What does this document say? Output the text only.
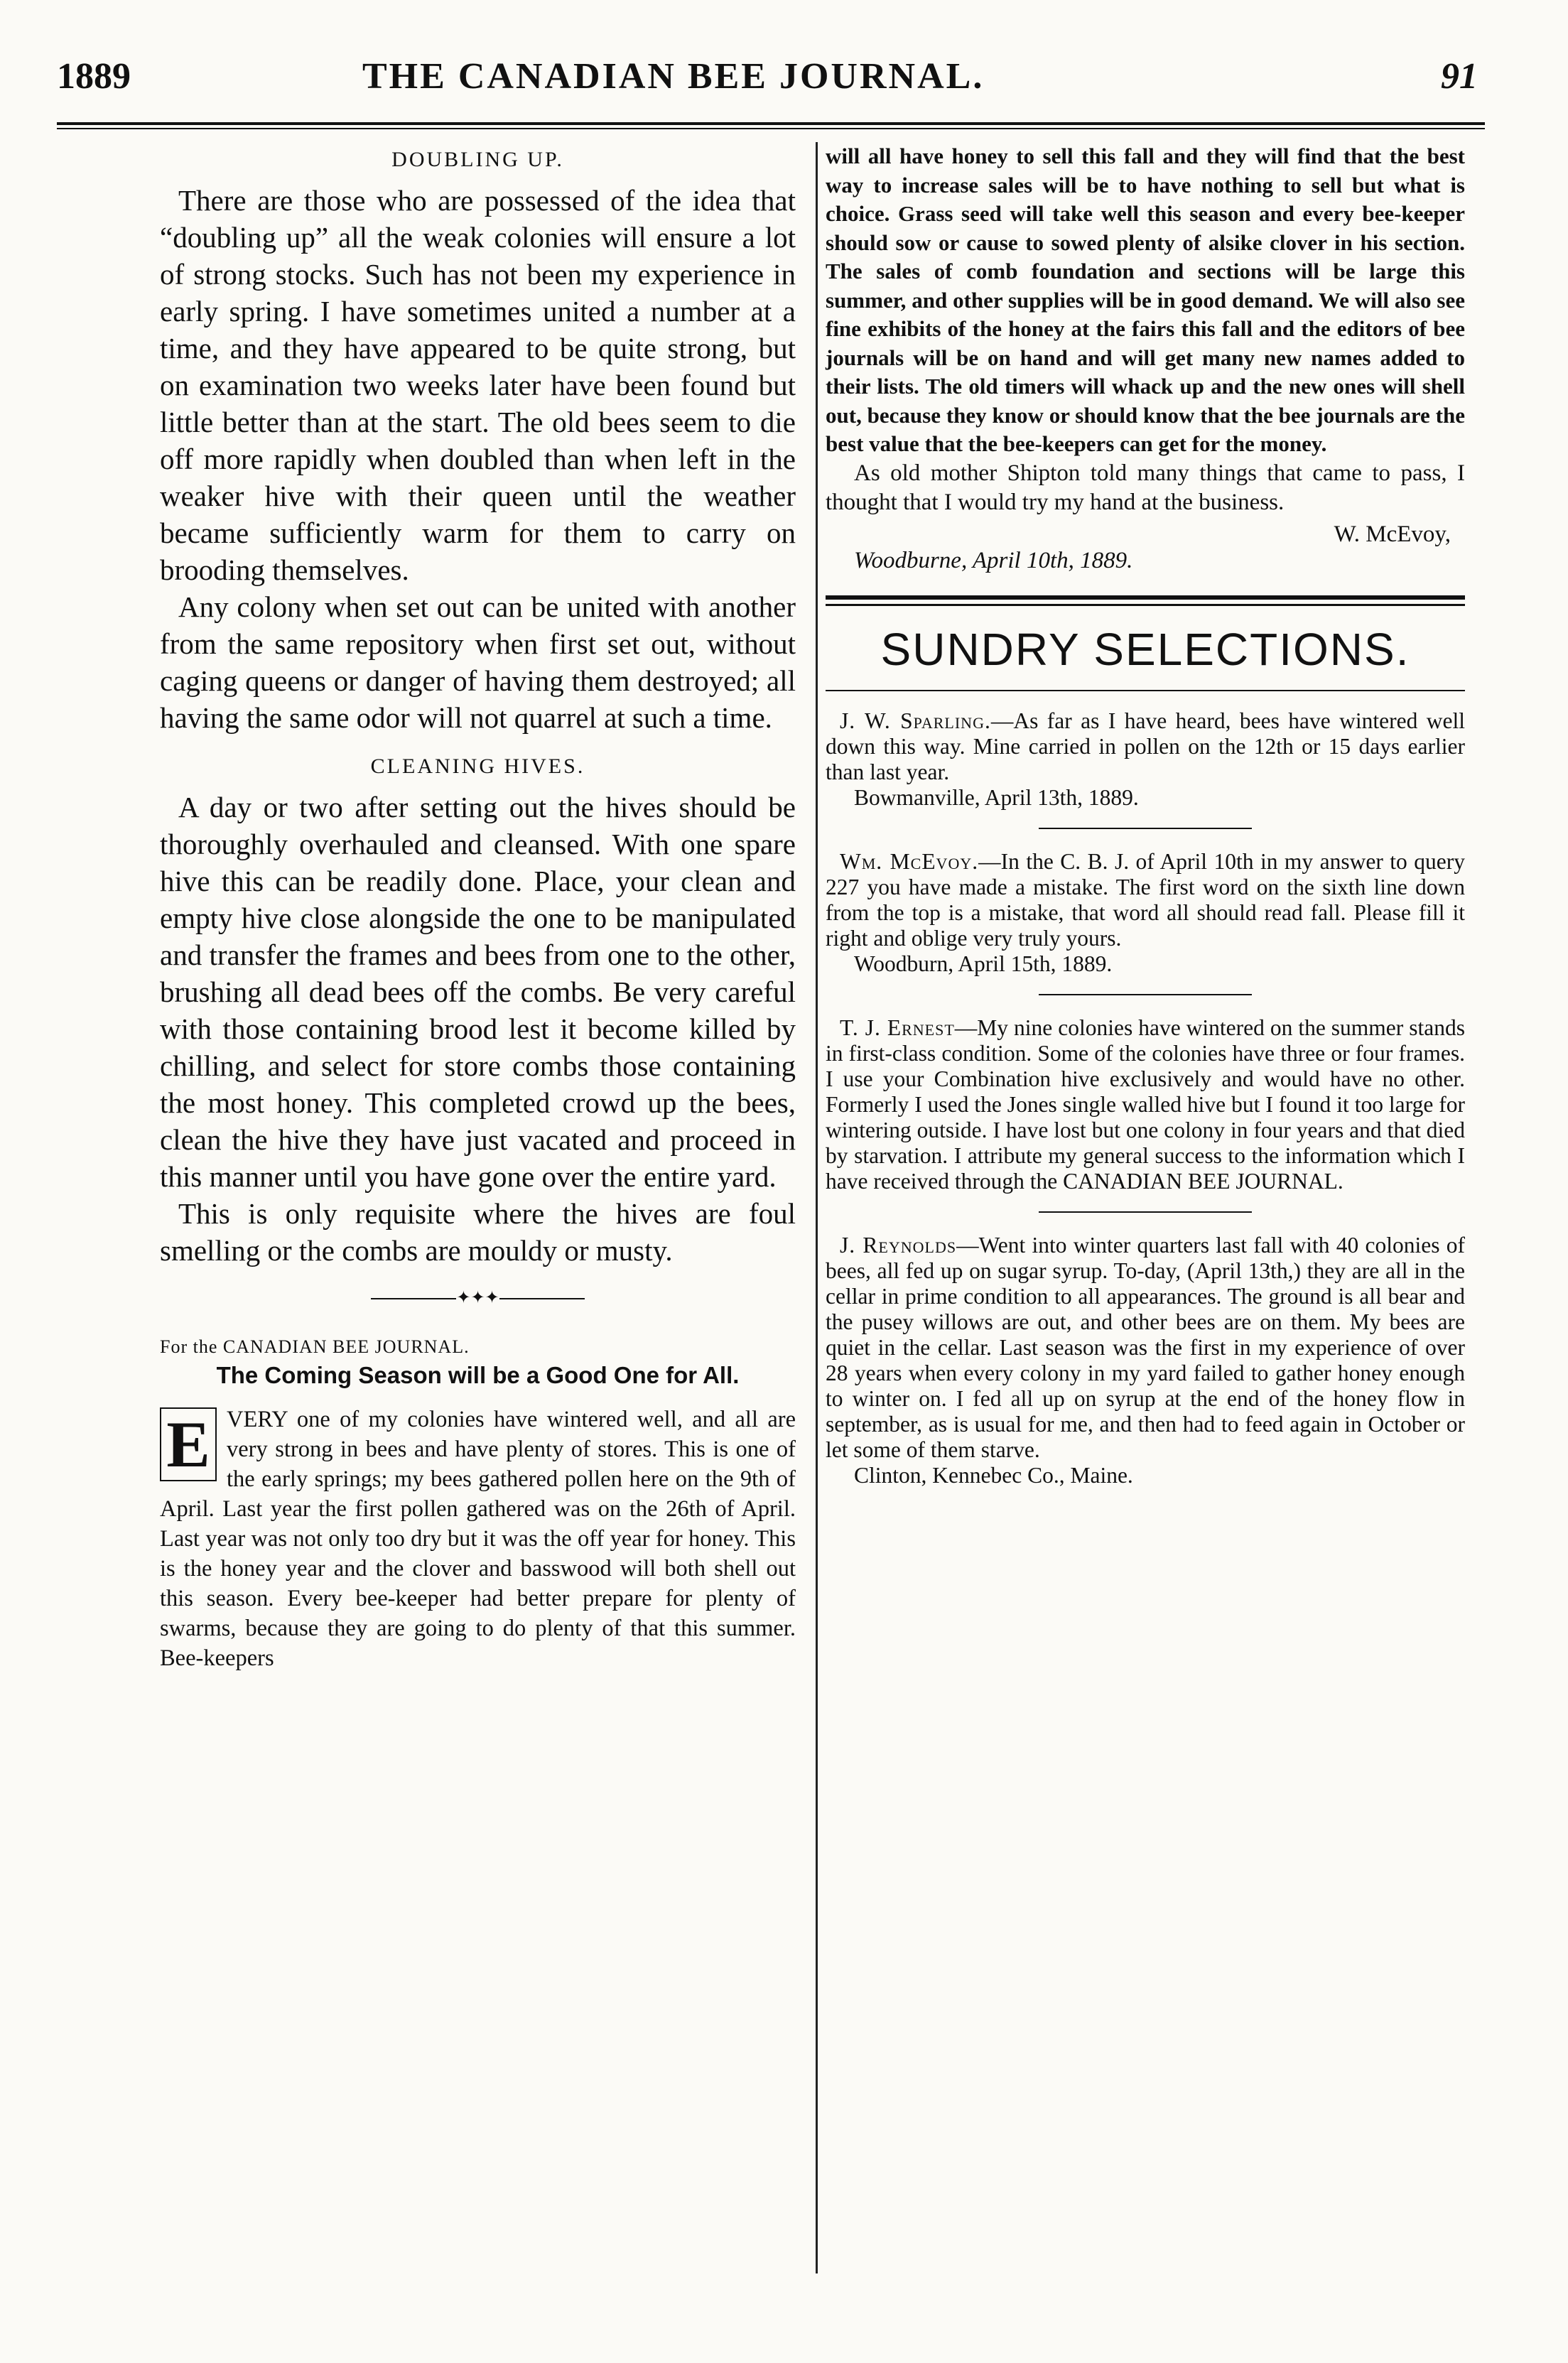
1889	THE CANADIAN BEE JOURNAL.	91
DOUBLING UP.

There are those who are possessed of the idea that “doubling up” all the weak colonies will ensure a lot of strong stocks. Such has not been my experience in early spring. I have sometimes united a number at a time, and they have appeared to be quite strong, but on examination two weeks later have been found but little better than at the start. The old bees seem to die off more rapidly when doubled than when left in the weaker hive with their queen until the weather became sufficiently warm for them to carry on brooding themselves.

Any colony when set out can be united with another from the same repository when first set out, without caging queens or danger of having them destroyed; all having the same odor will not quarrel at such a time.

CLEANING HIVES.

A day or two after setting out the hives should be thoroughly overhauled and cleansed. With one spare hive this can be readily done. Place, your clean and empty hive close alongside the one to be manipulated and transfer the frames and bees from one to the other, brushing all dead bees off the combs. Be very careful with those containing brood lest it become killed by chilling, and select for store combs those containing the most honey. This completed crowd up the bees, clean the hive they have just vacated and proceed in this manner until you have gone over the entire yard.

This is only requisite where the hives are foul smelling or the combs are mouldy or musty.

✦✦✦
For the CANADIAN BEE JOURNAL.
The Coming Season will be a Good One for All.
E VERY one of my colonies have wintered well, and all are very strong in bees and have plenty of stores. This is one of the early springs; my bees gathered pollen here on the 9th of April. Last year the first pollen gathered was on the 26th of April. Last year was not only too dry but it was the off year for honey. This is the honey year and the clover and basswood will both shell out this season. Every bee-keeper had better prepare for plenty of swarms, because they are going to do plenty of that this summer. Bee-keepers

will all have honey to sell this fall and they will find that the best way to increase sales will be to have nothing to sell but what is choice. Grass seed will take well this season and every bee-keeper should sow or cause to sowed plenty of alsike clover in his section. The sales of comb foundation and sections will be large this summer, and other supplies will be in good demand. We will also see fine exhibits of the honey at the fairs this fall and the editors of bee journals will be on hand and will get many new names added to their lists. The old timers will whack up and the new ones will shell out, because they know or should know that the bee journals are the best value that the bee-keepers can get for the money.

As old mother Shipton told many things that came to pass, I thought that I would try my hand at the business.

W. McEvoy,
Woodburne, April 10th, 1889.
SUNDRY SELECTIONS.

J. W. Sparling.—As far as I have heard, bees have wintered well down this way. Mine carried in pollen on the 12th or 15 days earlier than last year.

Bowmanville, April 13th, 1889.

Wm. McEvoy.—In the C. B. J. of April 10th in my answer to query 227 you have made a mistake. The first word on the sixth line down from the top is a mistake, that word all should read fall. Please fill it right and oblige very truly yours.

Woodburn, April 15th, 1889.

T. J. Ernest—My nine colonies have wintered on the summer stands in first-class condition. Some of the colonies have three or four frames. I use your Combination hive exclusively and would have no other. Formerly I used the Jones single walled hive but I found it too large for wintering outside. I have lost but one colony in four years and that died by starvation. I attribute my general success to the information which I have received through the CANADIAN BEE JOURNAL.

J. Reynolds—Went into winter quarters last fall with 40 colonies of bees, all fed up on sugar syrup. To-day, (April 13th,) they are all in the cellar in prime condition to all appearances. The ground is all bear and the pusey willows are out, and other bees are on them. My bees are quiet in the cellar. Last season was the first in my experience of over 28 years when every colony in my yard failed to gather honey enough to winter on. I fed all up on syrup at the end of the honey flow in september, as is usual for me, and then had to feed again in October or let some of them starve.

Clinton, Kennebec Co., Maine.
